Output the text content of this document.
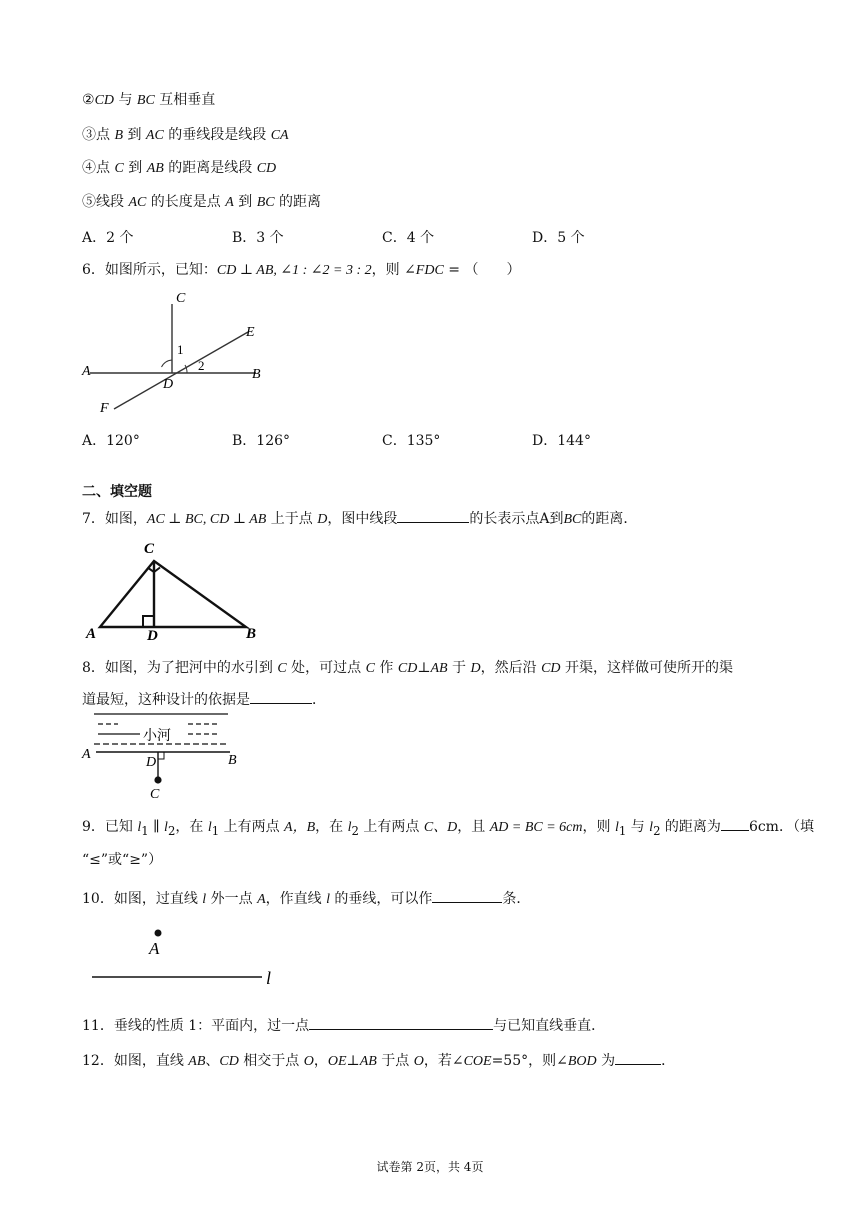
②CD 与 BC 互相垂直
③点 B 到 AC 的垂线段是线段 CA
④点 C 到 AB 的距离是线段 CD
⑤线段 AC 的长度是点 A 到 BC 的距离
A．2 个	B．3 个	C．4 个	D．5 个
6．如图所示，已知：CD ⊥ AB, ∠1 : ∠2 = 3 : 2，则 ∠FDC = （　　）
C
E
A
D
B
F
1
2
A．120°	B．126°	C．135°	D．144°
二、填空题
7．如图，AC ⊥ BC, CD ⊥ AB 上于点 D，图中线段	的长表示点A到BC的距离．
C
A	D	B
8．如图，为了把河中的水引到 C 处，可过点 C 作 CD⊥AB 于 D，然后沿 CD 开渠，这样做可使所开的渠
道最短，这种设计的依据是	．
小河
A
D	B
C
9．已知 $l_1$ ∥ $l_2$，在 $l_1$ 上有两点 A，B，在 $l_2$ 上有两点 C、D，且 AD = BC = 6cm，则 $l_1$ 与 $l_2$ 的距离为 6cm．（填
“≤”或“≥”）
10．如图，过直线 l 外一点 A，作直线 l 的垂线，可以作	条．
A
l
11．垂线的性质 1：平面内，过一点	与已知直线垂直．
12．如图，直线 AB、CD 相交于点 O，OE⊥AB 于点 O，若∠COE=55°，则∠BOD 为	．
试卷第 2页，共 4页
